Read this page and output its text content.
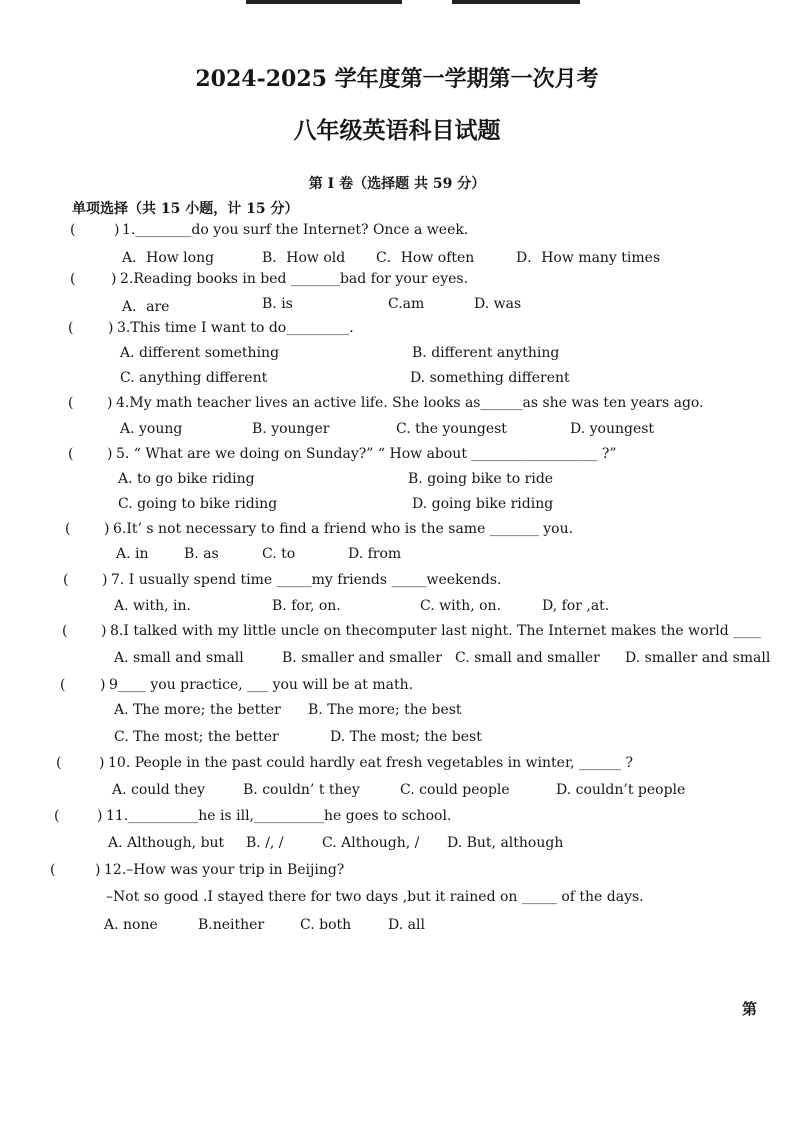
2024-2025 学年度第一学期第一次月考
八年级英语科目试题
第 I 卷（选择题 共 59 分）
单项选择（共 15 小题，计 15 分）
(	) 1.________do you surf the Internet? Once a week.
A．How long	B．How old C．How often	D．How many times
(	) 2.Reading books in bed _______bad for your eyes.
A．are	B. is	C.am	D. was
( ) 3.This time I want to do_________.
A. different something	B. different anything
C. anything different	D. something different
( ) 4.My math teacher lives an active life. She looks as______as she was ten years ago.
A. young	B. younger	C. the youngest	D. youngest
( ) 5. “ What are we doing on Sunday?” “ How about __________________ ?”
A. to go bike riding	B. going bike to ride
C. going to bike riding	D. going bike riding
( ) 6.It’ s not necessary to find a friend who is the same _______ you.
A. in	B. as	C. to	D. from
( ) 7. I usually spend time _____my friends _____weekends.
A. with, in.	B. for, on.	C. with, on.	D, for ,at.
( ) 8.I talked with my little uncle on thecomputer last night. The Internet makes the world ____
A. small and small	B. smaller and smaller C. small and smaller D. smaller and small
( ) 9____ you practice, ___ you will be at math.
A. The more; the better B. The more; the best
C. The most; the better	D. The most; the best
(	) 10. People in the past could hardly eat fresh vegetables in winter, ______ ?
A. could they	B. couldn’ t they	C. could people	D. couldn’t people
(	) 11.__________he is ill,__________he goes to school.
A. Although, but B. /, /	C. Although, / D. But, although
(	) 12.–How was your trip in Beijing?
–Not so good .I stayed there for two days ,but it rained on _____ of the days.
A. none	B.neither	C. both	D. all
第
